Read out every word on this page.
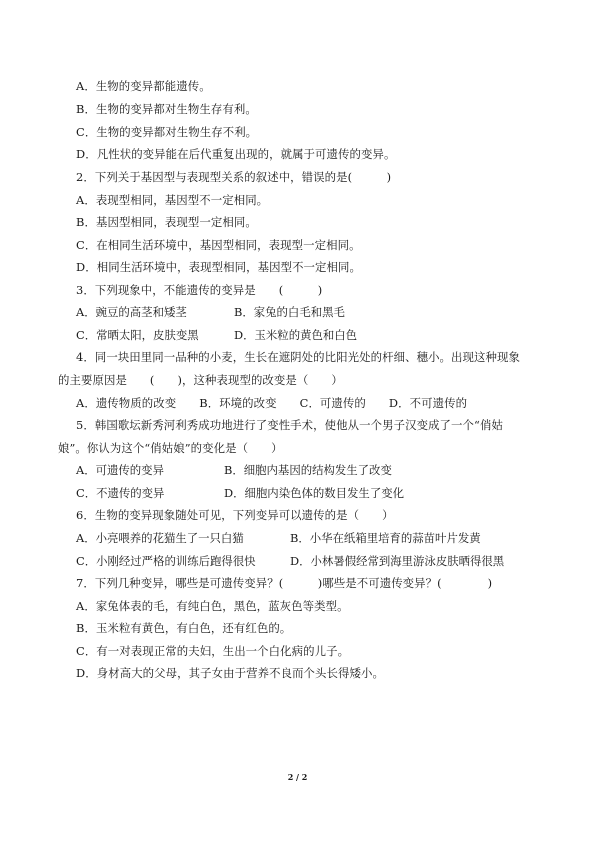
A．生物的变异都能遗传。
B．生物的变异都对生物生存有利。
C．生物的变异都对生物生存不利。
D．凡性状的变异能在后代重复出现的，就属于可遗传的变异。
2．下列关于基因型与表现型关系的叙述中，错误的是(　　　)
A．表现型相同，基因型不一定相同。
B．基因型相同，表现型一定相同。
C．在相同生活环境中，基因型相同，表现型一定相同。
D．相同生活环境中，表现型相同，基因型不一定相同。
3．下列现象中，不能遗传的变异是　　(　　　)
A．豌豆的高茎和矮茎	B．家兔的白毛和黑毛
C．常晒太阳，皮肤变黑	D．玉米粒的黄色和白色
4．同一块田里同一品种的小麦，生长在遮阴处的比阳光处的杆细、穗小。出现这种现象
的主要原因是　　(　　)，这种表现型的改变是（　　）
A．遗传物质的改变　　B．环境的改变　　C．可遗传的　　D．不可遗传的
5．韩国歌坛新秀河利秀成功地进行了变性手术，使他从一个男子汉变成了一个“俏姑
娘”。你认为这个“俏姑娘”的变化是（　　）
A．可遗传的变异	B．细胞内基因的结构发生了改变
C．不遗传的变异	D．细胞内染色体的数目发生了变化
6．生物的变异现象随处可见，下列变异可以遗传的是（　　）
A．小亮喂养的花猫生了一只白猫	B．小华在纸箱里培育的蒜苗叶片发黄
C．小刚经过严格的训练后跑得很快	D．小林暑假经常到海里游泳皮肤晒得很黑
7．下列几种变异，哪些是可遗传变异？(　　　)哪些是不可遗传变异？(　　　　)
A．家兔体表的毛，有纯白色，黑色，蓝灰色等类型。
B．玉米粒有黄色，有白色，还有红色的。
C．有一对表现正常的夫妇，生出一个白化病的儿子。
D．身材高大的父母，其子女由于营养不良而个头长得矮小。
2 / 2
